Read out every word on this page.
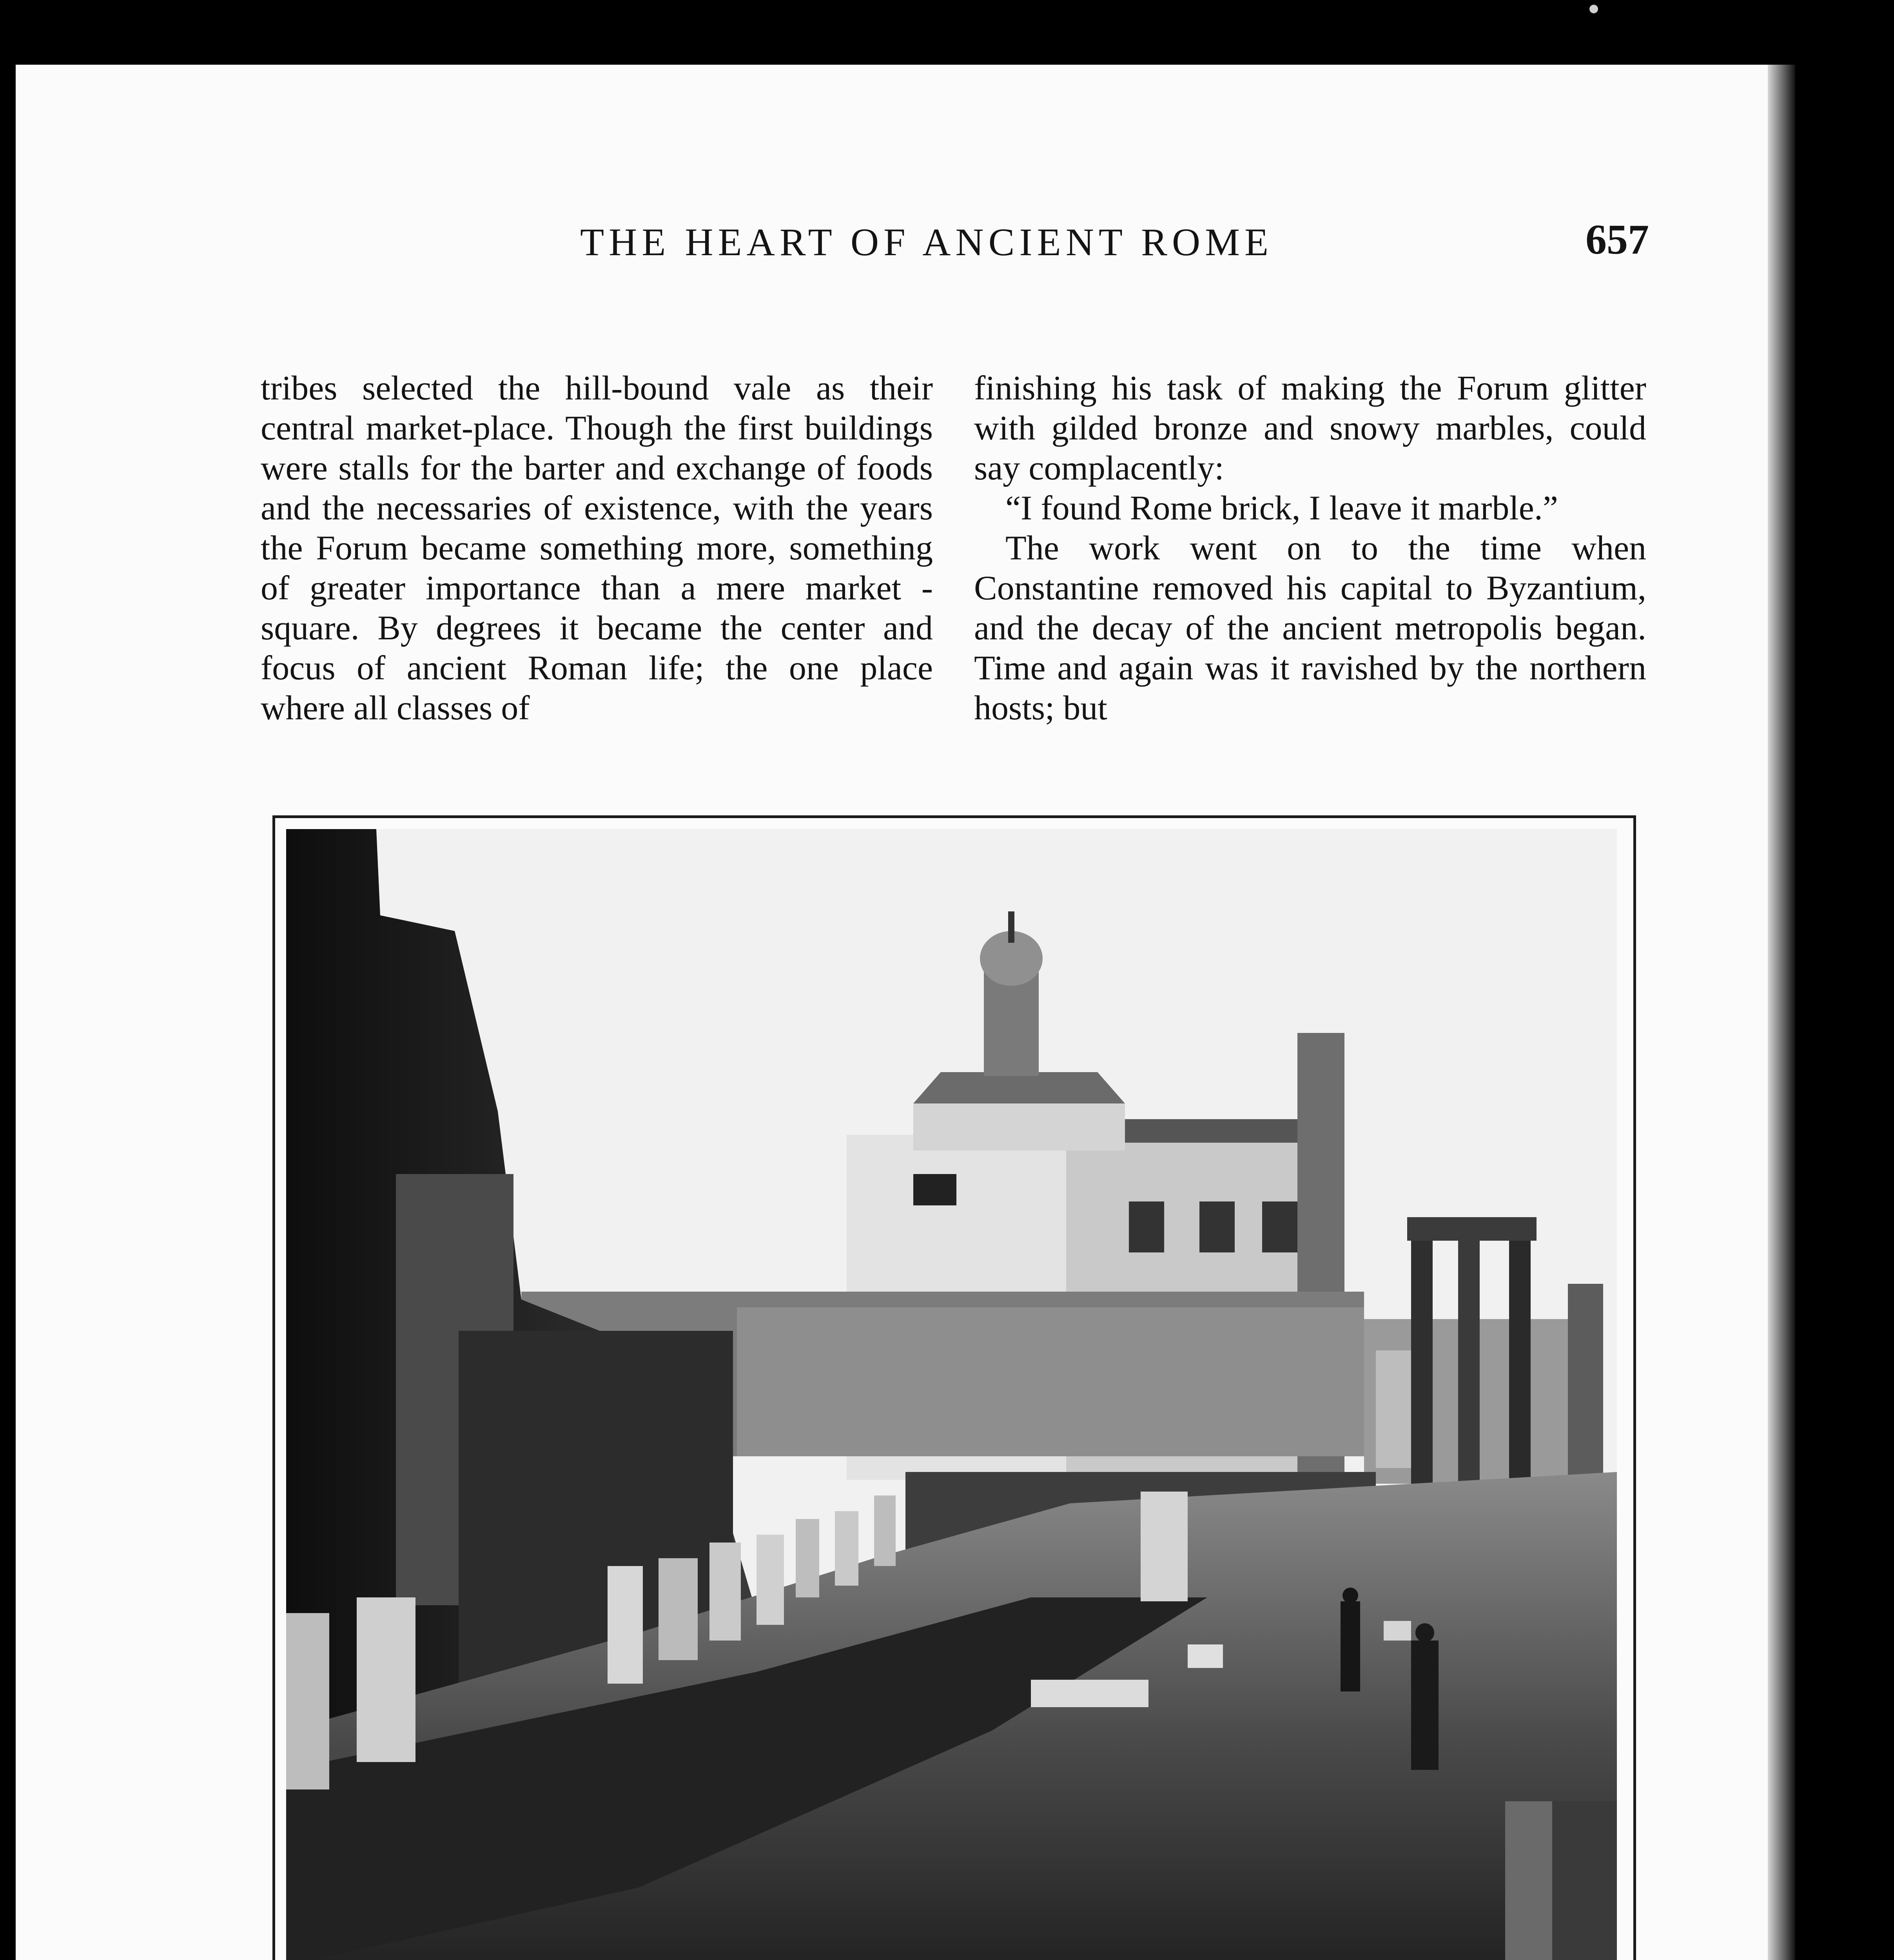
THE HEART OF ANCIENT ROME	657

tribes selected the hill-bound vale as their central market-place. Though the first buildings were stalls for the barter and exchange of foods and the necessaries of existence, with the years the Forum became something more, something of greater importance than a mere market - square. By degrees it became the center and focus of ancient Roman life; the one place where all classes of

finishing his task of making the Forum glitter with gilded bronze and snowy marbles, could say complacently:

“I found Rome brick, I leave it marble.”

The work went on to the time when Constantine removed his capital to Byzantium, and the decay of the ancient metropolis began. Time and again was it ravished by the northern hosts; but
